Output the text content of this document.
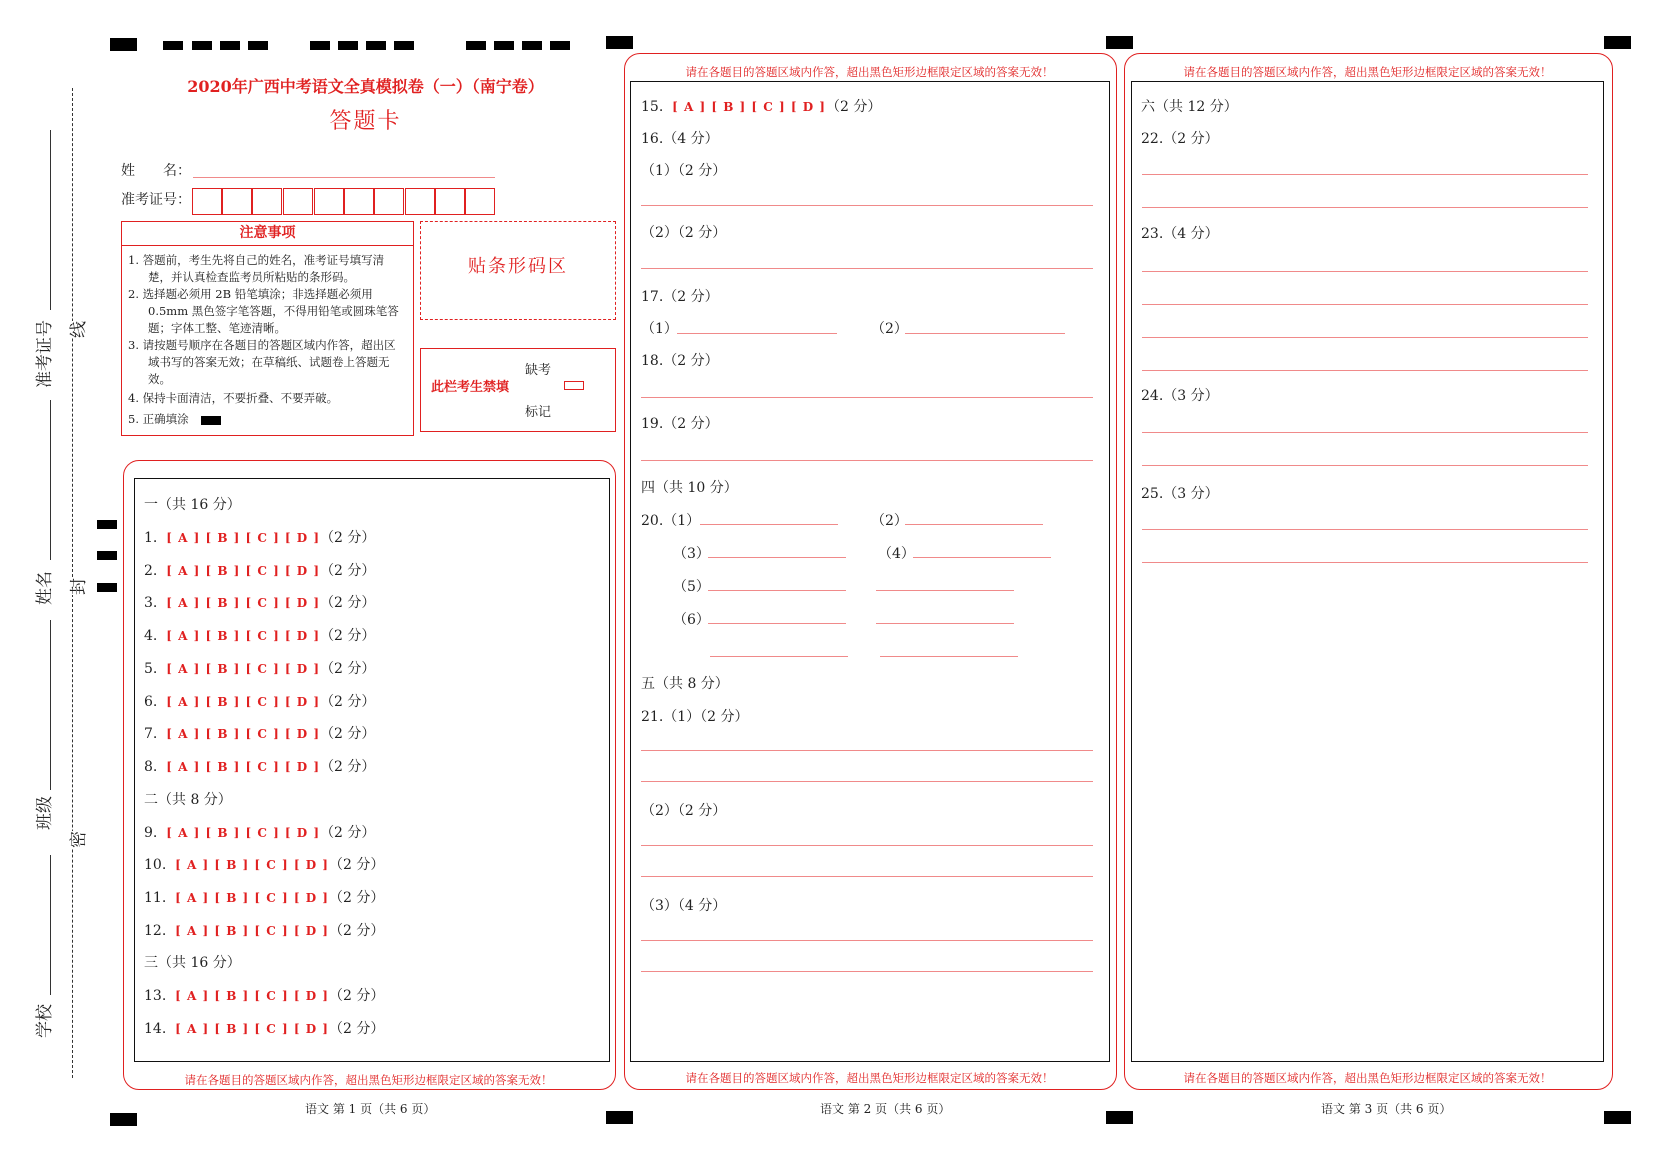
准考证号 线
姓名 封
班级
密
学校
2020年广西中考语文全真模拟卷（一）（南宁卷）
答题卡
姓　　名：
准考证号：
注意事项
1. 答题前，考生先将自己的姓名，准考证号填写清楚，并认真检查监考员所粘贴的条形码。
2. 选择题必须用 2B 铅笔填涂；非选择题必须用 0.5mm 黑色签字笔答题，不得用铅笔或圆珠笔答题；字体工整、笔迹清晰。
3. 请按题号顺序在各题目的答题区域内作答，超出区域书写的答案无效；在草稿纸、试题卷上答题无效。
4. 保持卡面清洁，不要折叠、不要弄破。
5. 正确填涂
贴条形码区
此栏考生禁填
缺考
标记
请在各题目的答题区域内作答，超出黑色矩形边框限定区域的答案无效！
一（共 16 分）
1. [ A ] [ B ] [ C ] [ D ]（2 分）
2. [ A ] [ B ] [ C ] [ D ]（2 分）
3. [ A ] [ B ] [ C ] [ D ]（2 分）
4. [ A ] [ B ] [ C ] [ D ]（2 分）
5. [ A ] [ B ] [ C ] [ D ]（2 分）
6. [ A ] [ B ] [ C ] [ D ]（2 分）
7. [ A ] [ B ] [ C ] [ D ]（2 分）
8. [ A ] [ B ] [ C ] [ D ]（2 分）
二（共 8 分）
9. [ A ] [ B ] [ C ] [ D ]（2 分）
10. [ A ] [ B ] [ C ] [ D ]（2 分）
11. [ A ] [ B ] [ C ] [ D ]（2 分）
12. [ A ] [ B ] [ C ] [ D ]（2 分）
三（共 16 分）
13. [ A ] [ B ] [ C ] [ D ]（2 分）
14. [ A ] [ B ] [ C ] [ D ]（2 分）
语文 第 1 页（共 6 页）
请在各题目的答题区域内作答，超出黑色矩形边框限定区域的答案无效！
请在各题目的答题区域内作答，超出黑色矩形边框限定区域的答案无效！
15. [ A ] [ B ] [ C ] [ D ]（2 分）
16.（4 分）
（1）（2 分）
（2）（2 分）
17.（2 分）
（1）	（2）
18.（2 分）
19.（2 分）
四（共 10 分）
20.（1）	（2）
（3）	（4）
（5）
（6）
五（共 8 分）
21.（1）（2 分）
（2）（2 分）
（3）（4 分）
语文 第 2 页（共 6 页）
请在各题目的答题区域内作答，超出黑色矩形边框限定区域的答案无效！
请在各题目的答题区域内作答，超出黑色矩形边框限定区域的答案无效！
六（共 12 分）
22.（2 分）
23.（4 分）
24.（3 分）
25.（3 分）
语文 第 3 页（共 6 页）
